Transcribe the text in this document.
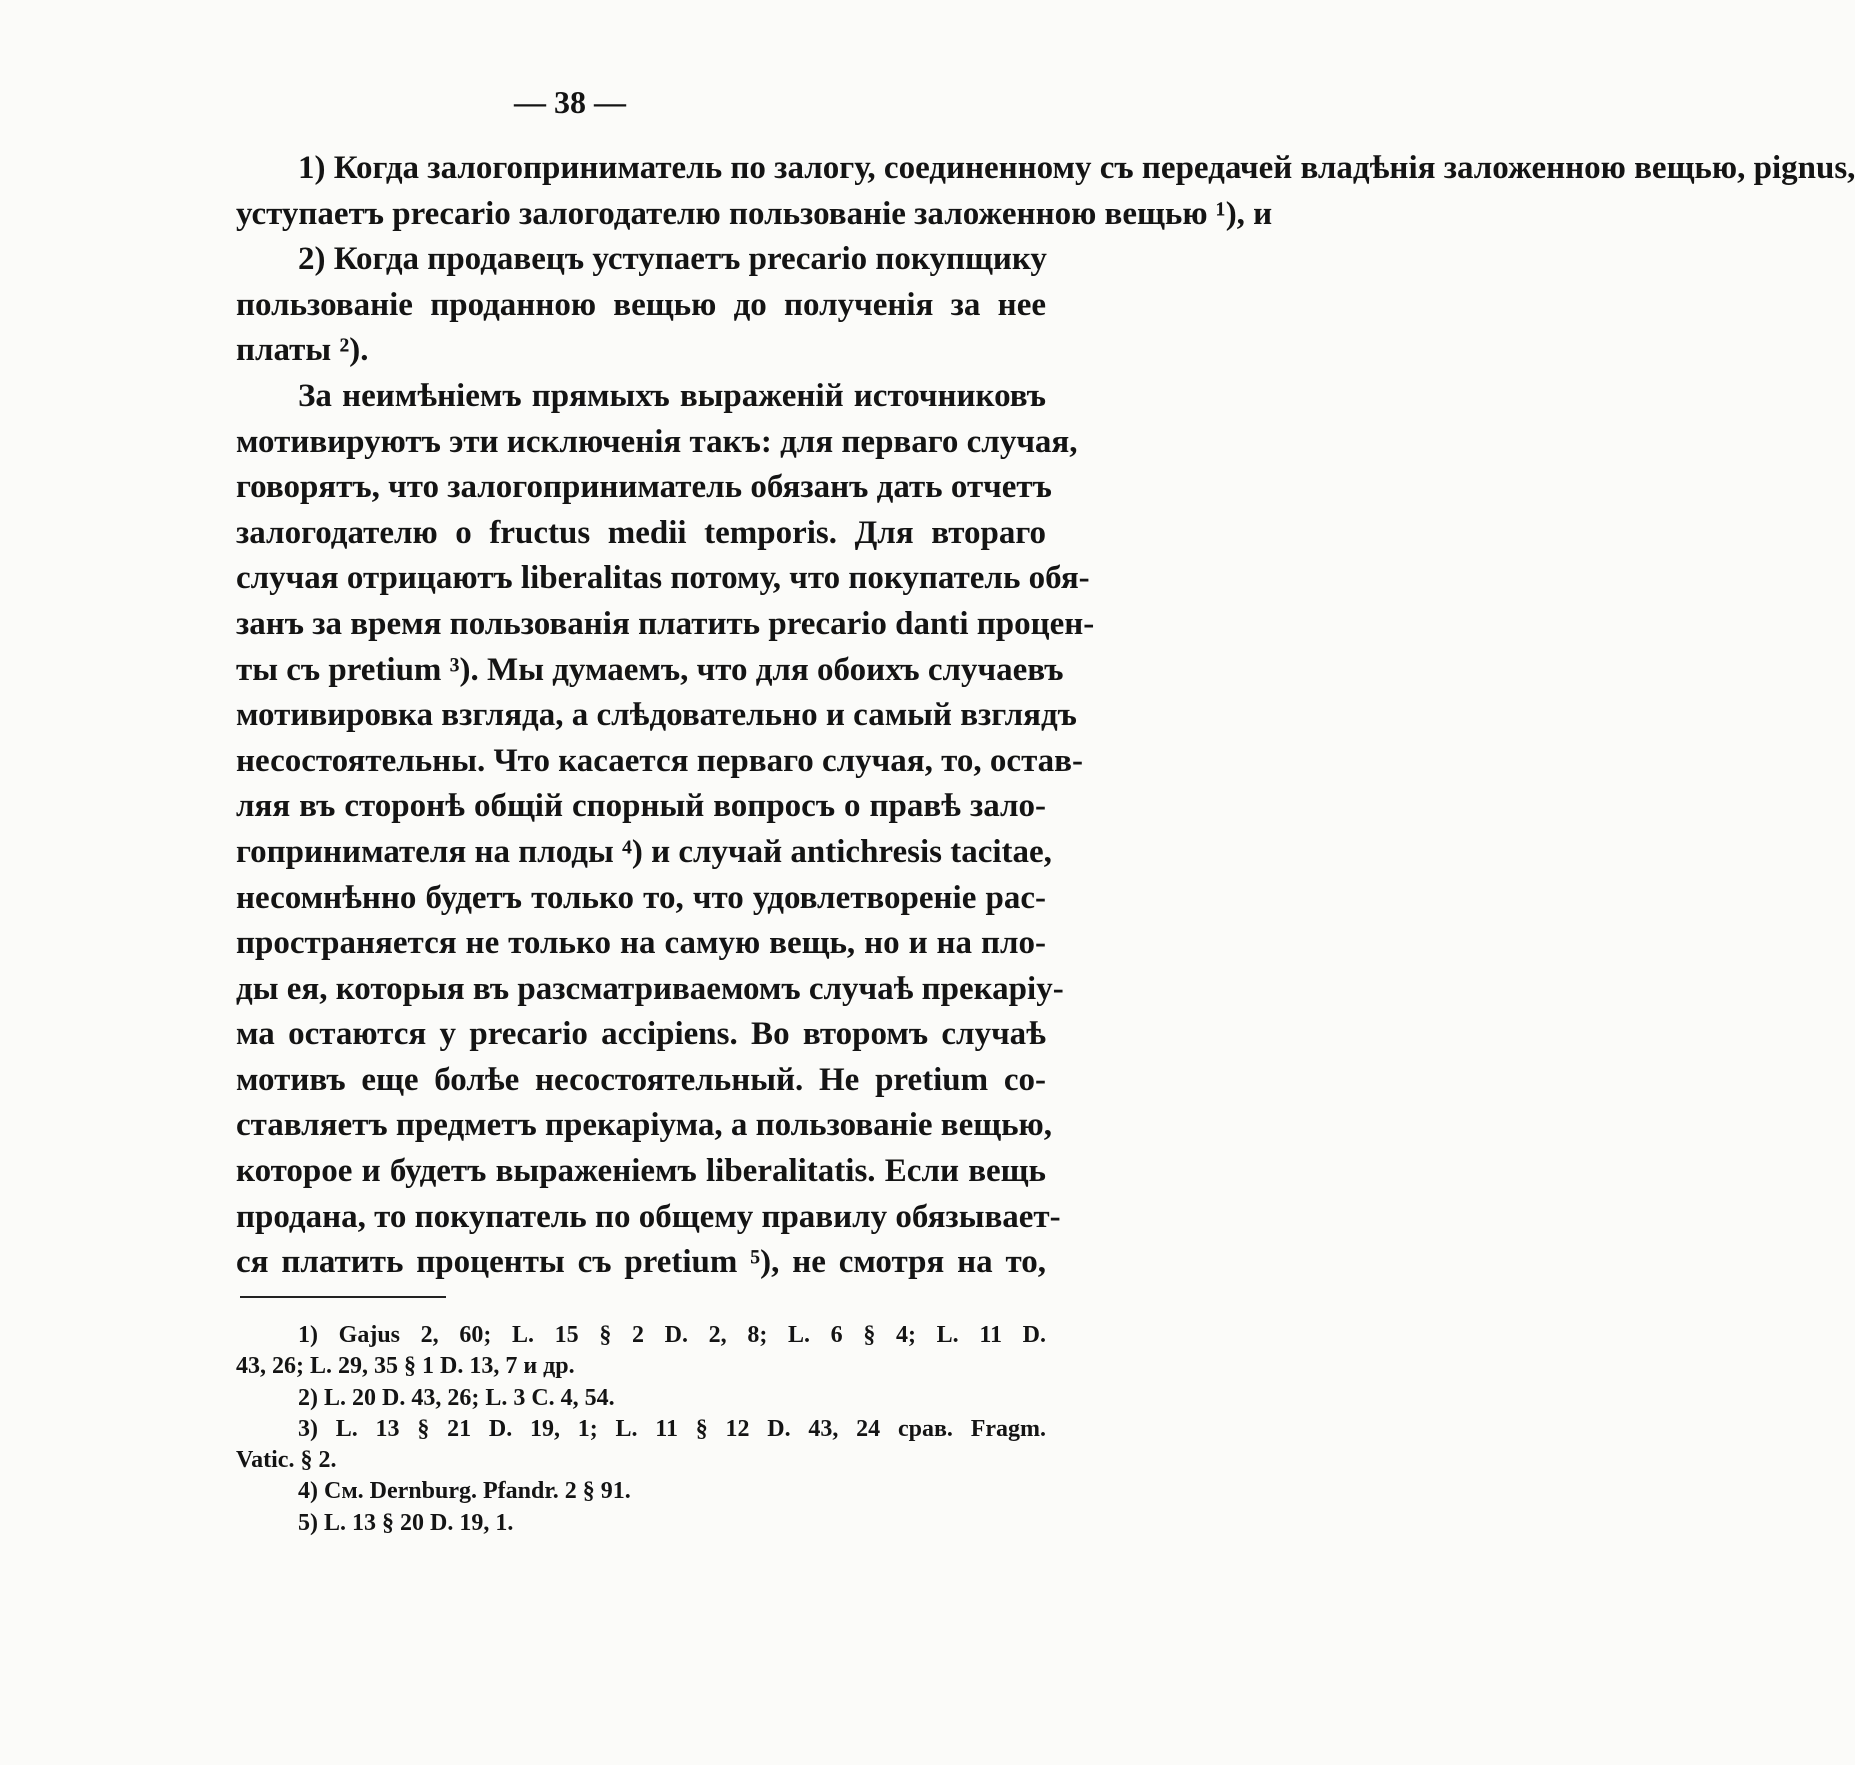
— 38 —
1) Когда залогоприниматель по залогу, соединенному съ передачей владѣнія заложенною вещью, pignus,
уступаетъ precario залогодателю пользованіе заложенною вещью ¹), и
2) Когда продавецъ уступаетъ precario покупщику
пользованіе проданною вещью до полученія за нее
платы ²).
За неимѣніемъ прямыхъ выраженій источниковъ
мотивируютъ эти исключенія такъ: для перваго случая,
говорятъ, что залогоприниматель обязанъ дать отчетъ
залогодателю о fructus medii temporis. Для втораго
случая отрицаютъ liberalitas потому, что покупатель обя-
занъ за время пользованія платить precario danti процен-
ты съ pretium ³). Мы думаемъ, что для обоихъ случаевъ
мотивировка взгляда, а слѣдовательно и самый взглядъ
несостоятельны. Что касается перваго случая, то, остав-
ляя въ сторонѣ общій спорный вопросъ о правѣ зало-
гопринимателя на плоды ⁴) и случай antichresis tacitae,
несомнѣнно будетъ только то, что удовлетвореніе рас-
пространяется не только на самую вещь, но и на пло-
ды ея, которыя въ разсматриваемомъ случаѣ прекаріу-
ма остаются у precario accipiens. Во второмъ случаѣ
мотивъ еще болѣе несостоятельный. Не pretium со-
ставляетъ предметъ прекаріума, а пользованіе вещью,
которое и будетъ выраженіемъ liberalitatis. Если вещь
продана, то покупатель по общему правилу обязывает-
ся платить проценты съ pretium ⁵), не смотря на то,
1) Gajus 2, 60; L. 15 § 2 D. 2, 8; L. 6 § 4; L. 11 D.
43, 26; L. 29, 35 § 1 D. 13, 7 и др.
2) L. 20 D. 43, 26; L. 3 C. 4, 54.
3) L. 13 § 21 D. 19, 1; L. 11 § 12 D. 43, 24 срав. Fragm.
Vatic. § 2.
4) См. Dernburg. Pfandr. 2 § 91.
5) L. 13 § 20 D. 19, 1.
